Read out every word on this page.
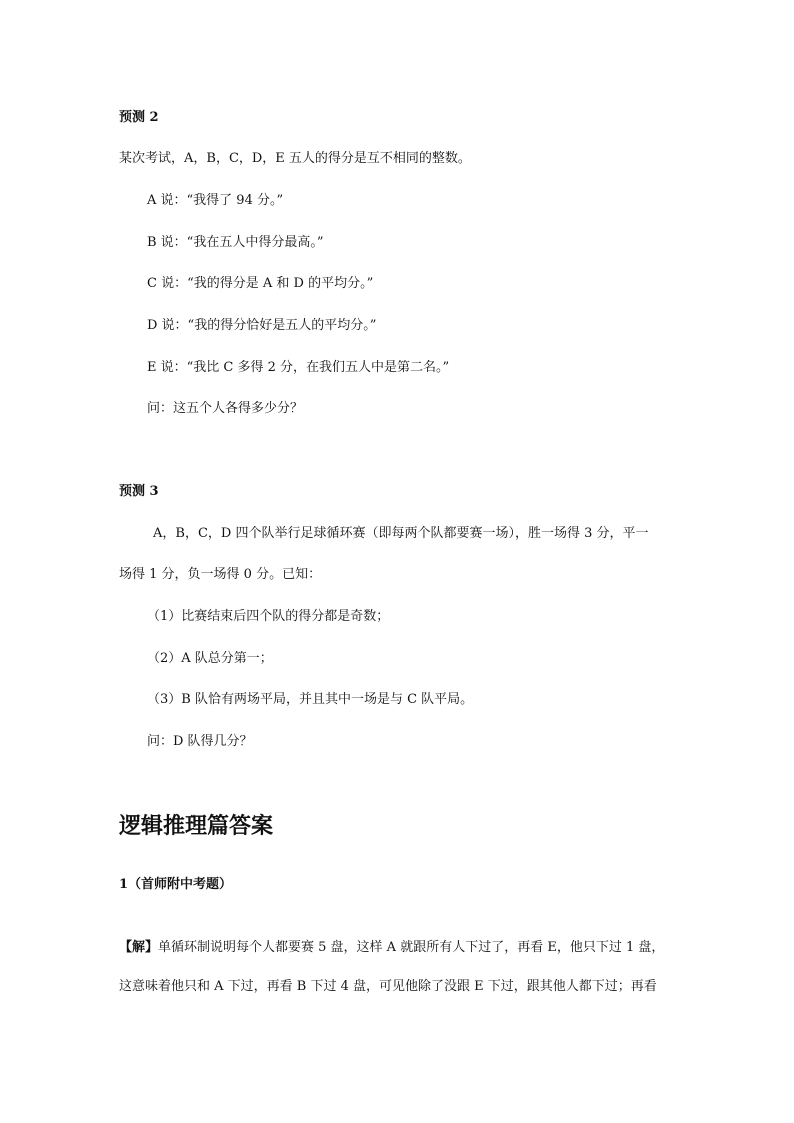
预测 2
某次考试，A，B，C，D，E 五人的得分是互不相同的整数。
A 说：“我得了 94 分。”
B 说：“我在五人中得分最高。”
C 说：“我的得分是 A 和 D 的平均分。”
D 说：“我的得分恰好是五人的平均分。”
E 说：“我比 C 多得 2 分，在我们五人中是第二名。”
问：这五个人各得多少分？
预测 3
A，B，C，D 四个队举行足球循环赛（即每两个队都要赛一场），胜一场得 3 分，平一
场得 1 分，负一场得 0 分。已知：
（1）比赛结束后四个队的得分都是奇数；
（2）A 队总分第一；
（3）B 队恰有两场平局，并且其中一场是与 C 队平局。
问：D 队得几分？
逻辑推理篇答案
1（首师附中考题）
【解】单循环制说明每个人都要赛 5 盘，这样 A 就跟所有人下过了，再看 E，他只下过 1 盘，
这意味着他只和 A 下过，再看 B 下过 4 盘，可见他除了没跟 E 下过，跟其他人都下过；再看
